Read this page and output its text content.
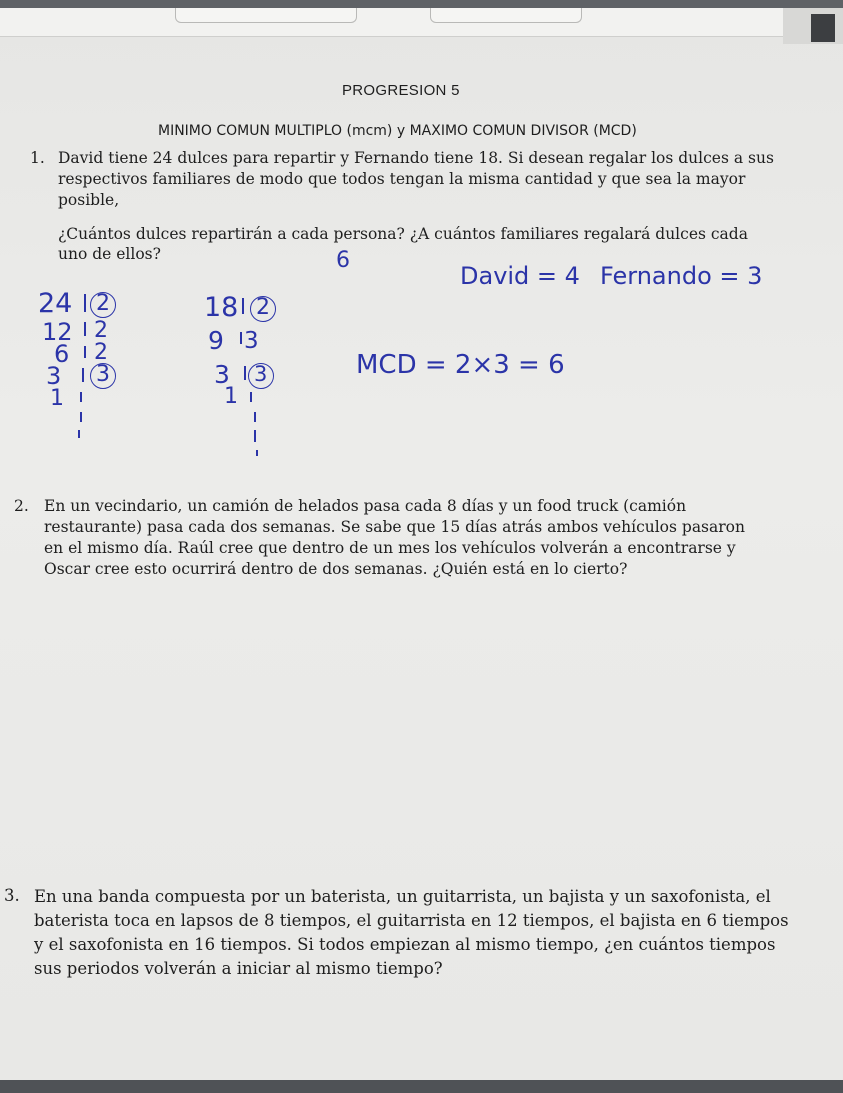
PROGRESION 5
MINIMO COMUN MULTIPLO (mcm) y MAXIMO COMUN DIVISOR (MCD)
1. David tiene 24 dulces para repartir y Fernando tiene 18. Si desean regalar los dulces a sus
respectivos familiares de modo que todos tengan la misma cantidad y que sea la mayor
posible,
¿Cuántos dulces repartirán a cada persona? ¿A cuántos familiares regalará dulces cada
uno de ellos?	6
David = 4 Fernando = 3
MCD = 2×3 = 6
24
12
6
3
1
2
2
2
3
18
9
3
1
2
3
3
2. En un vecindario, un camión de helados pasa cada 8 días y un food truck (camión
restaurante) pasa cada dos semanas. Se sabe que 15 días atrás ambos vehículos pasaron
en el mismo día. Raúl cree que dentro de un mes los vehículos volverán a encontrarse y
Oscar cree esto ocurrirá dentro de dos semanas. ¿Quién está en lo cierto?
3. En una banda compuesta por un baterista, un guitarrista, un bajista y un saxofonista, el
baterista toca en lapsos de 8 tiempos, el guitarrista en 12 tiempos, el bajista en 6 tiempos
y el saxofonista en 16 tiempos. Si todos empiezan al mismo tiempo, ¿en cuántos tiempos
sus periodos volverán a iniciar al mismo tiempo?
